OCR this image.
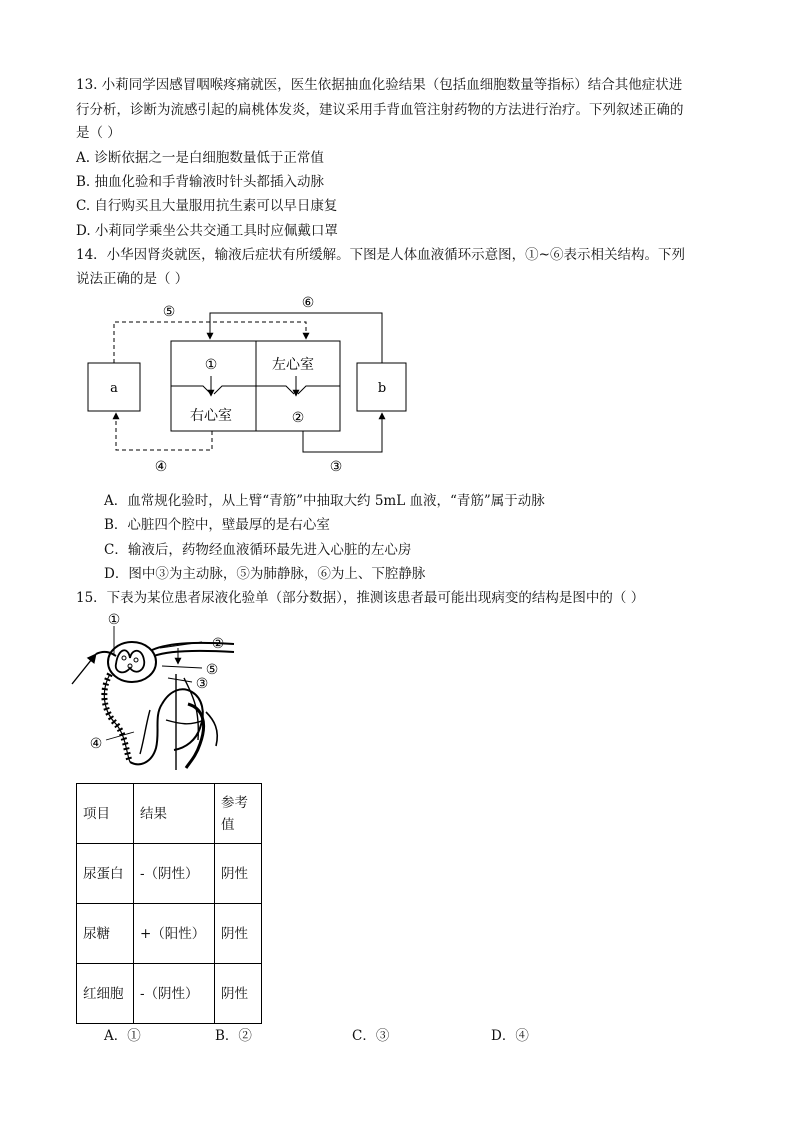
13. 小莉同学因感冒咽喉疼痛就医，医生依据抽血化验结果（包括血细胞数量等指标）结合其他症状进
行分析，诊断为流感引起的扁桃体发炎，建议采用手背血管注射药物的方法进行治疗。下列叙述正确的
是（ ）
A. 诊断依据之一是白细胞数量低于正常值
B. 抽血化验和手背输液时针头都插入动脉
C. 自行购买且大量服用抗生素可以早日康复
D. 小莉同学乘坐公共交通工具时应佩戴口罩
14．小华因肾炎就医，输液后症状有所缓解。下图是人体血液循环示意图，①~⑥表示相关结构。下列
说法正确的是（ ）
a	b
①	左心室
右心室	②
⑤
⑥
③
④
A．血常规化验时，从上臂“青筋”中抽取大约 5mL 血液，“青筋”属于动脉
B．心脏四个腔中，壁最厚的是右心室
C．输液后，药物经血液循环最先进入心脏的左心房
D．图中③为主动脉，⑤为肺静脉，⑥为上、下腔静脉
15．下表为某位患者尿液化验单（部分数据），推测该患者最可能出现病变的结构是图中的（ ）
①
②
⑤
③
④
项目	结果	参考值
尿蛋白	-（阴性）	阴性
尿糖	+（阳性）	阴性
红细胞	-（阴性）	阴性
A．①	B．②	C．③	D．④
